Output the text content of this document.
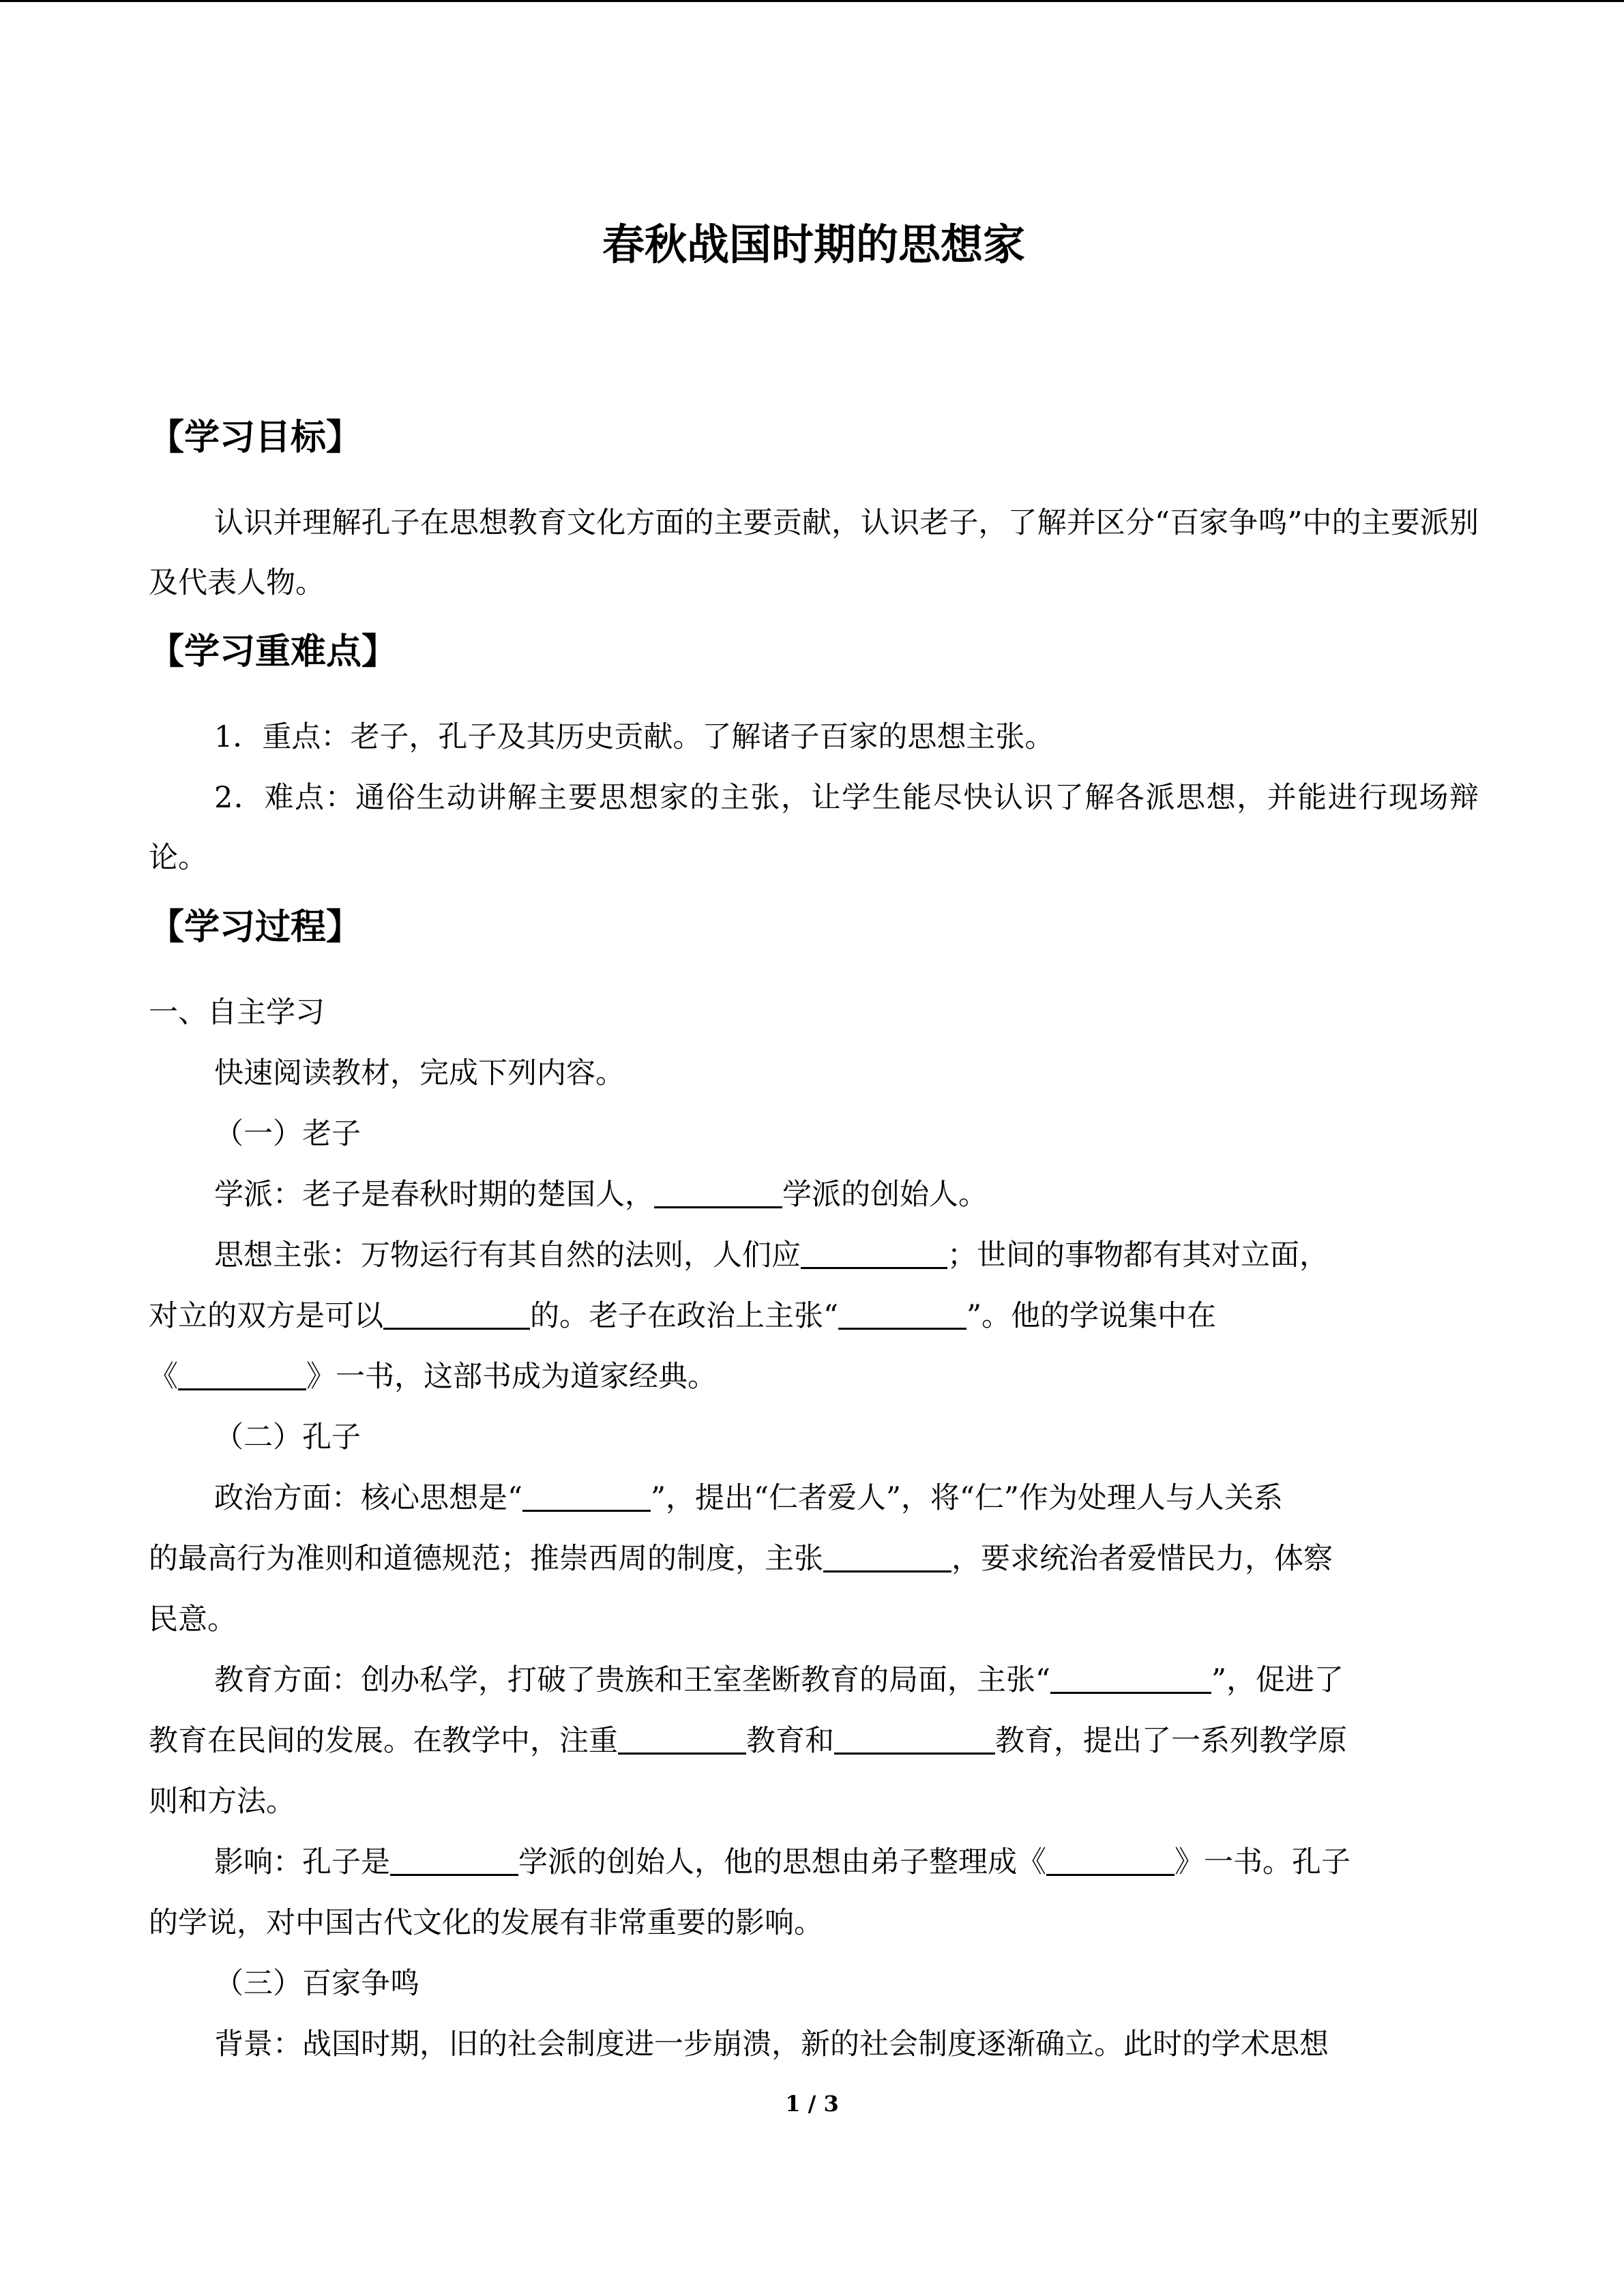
春秋战国时期的思想家
【学习目标】
认识并理解孔子在思想教育文化方面的主要贡献，认识老子，了解并区分“百家争鸣”中的主要派别及代表人物。
【学习重难点】
1．重点：老子，孔子及其历史贡献。了解诸子百家的思想主张。
2．难点：通俗生动讲解主要思想家的主张，让学生能尽快认识了解各派思想，并能进行现场辩论。
【学习过程】
一、自主学习
快速阅读教材，完成下列内容。
（一）老子
学派：老子是春秋时期的楚国人，	学派的创始人。
思想主张：万物运行有其自然的法则，人们应	；世间的事物都有其对立面，
对立的双方是可以	的。老子在政治上主张“	”。他的学说集中在
《	》一书，这部书成为道家经典。
（二）孔子
政治方面：核心思想是“	”，提出“仁者爱人”，将“仁”作为处理人与人关系
的最高行为准则和道德规范；推崇西周的制度，主张	，要求统治者爱惜民力，体察
民意。
教育方面：创办私学，打破了贵族和王室垄断教育的局面，主张“	”，促进了
教育在民间的发展。在教学中，注重	教育和	教育，提出了一系列教学原
则和方法。
影响：孔子是	学派的创始人，他的思想由弟子整理成《	》一书。孔子
的学说，对中国古代文化的发展有非常重要的影响。
（三）百家争鸣
背景：战国时期，旧的社会制度进一步崩溃，新的社会制度逐渐确立。此时的学术思想
1 / 3
